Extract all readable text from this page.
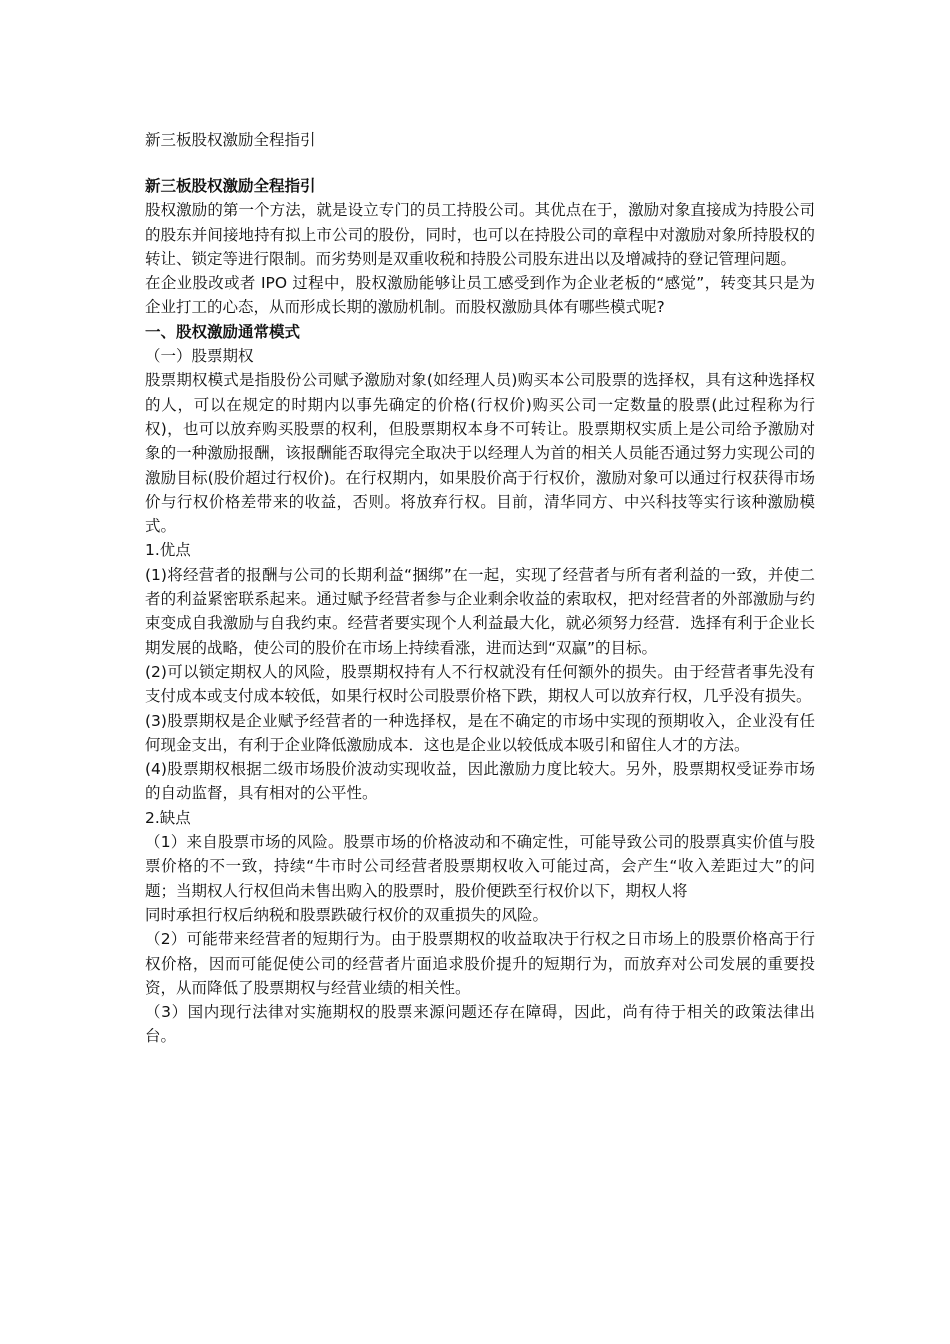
新三板股权激励全程指引

新三板股权激励全程指引

股权激励的第一个方法，就是设立专门的员工持股公司。其优点在于，激励对象直接成为持股公司的股东并间接地持有拟上市公司的股份，同时，也可以在持股公司的章程中对激励对象所持股权的转让、锁定等进行限制。而劣势则是双重收税和持股公司股东进出以及增减持的登记管理问题。

在企业股改或者 IPO 过程中，股权激励能够让员工感受到作为企业老板的“感觉”，转变其只是为企业打工的心态，从而形成长期的激励机制。而股权激励具体有哪些模式呢?

一、股权激励通常模式

（一）股票期权

股票期权模式是指股份公司赋予激励对象(如经理人员)购买本公司股票的选择权，具有这种选择权的人，可以在规定的时期内以事先确定的价格(行权价)购买公司一定数量的股票(此过程称为行权)，也可以放弃购买股票的权利，但股票期权本身不可转让。股票期权实质上是公司给予激励对象的一种激励报酬，该报酬能否取得完全取决于以经理人为首的相关人员能否通过努力实现公司的激励目标(股价超过行权价)。在行权期内，如果股价高于行权价，激励对象可以通过行权获得市场价与行权价格差带来的收益，否则。将放弃行权。目前，清华同方、中兴科技等实行该种激励模式。

1.优点

(1)将经营者的报酬与公司的长期利益“捆绑”在一起，实现了经营者与所有者利益的一致，并使二者的利益紧密联系起来。通过赋予经营者参与企业剩余收益的索取权，把对经营者的外部激励与约束变成自我激励与自我约束。经营者要实现个人利益最大化，就必须努力经营．选择有利于企业长期发展的战略，使公司的股价在市场上持续看涨，进而达到“双赢”的目标。

(2)可以锁定期权人的风险，股票期权持有人不行权就没有任何额外的损失。由于经营者事先没有支付成本或支付成本较低，如果行权时公司股票价格下跌，期权人可以放弃行权，几乎没有损失。

(3)股票期权是企业赋予经营者的一种选择权，是在不确定的市场中实现的预期收入，企业没有任何现金支出，有利于企业降低激励成本．这也是企业以较低成本吸引和留住人才的方法。

(4)股票期权根据二级市场股价波动实现收益，因此激励力度比较大。另外，股票期权受证券市场的自动监督，具有相对的公平性。

2.缺点

（1）来自股票市场的风险。股票市场的价格波动和不确定性，可能导致公司的股票真实价值与股票价格的不一致，持续“牛市时公司经营者股票期权收入可能过高，会产生“收入差距过大”的问题；当期权人行权但尚未售出购入的股票时，股价便跌至行权价以下，期权人将

同时承担行权后纳税和股票跌破行权价的双重损失的风险。

（2）可能带来经营者的短期行为。由于股票期权的收益取决于行权之日市场上的股票价格高于行权价格，因而可能促使公司的经营者片面追求股价提升的短期行为，而放弃对公司发展的重要投资，从而降低了股票期权与经营业绩的相关性。

（3）国内现行法律对实施期权的股票来源问题还存在障碍，因此，尚有待于相关的政策法律出台。
